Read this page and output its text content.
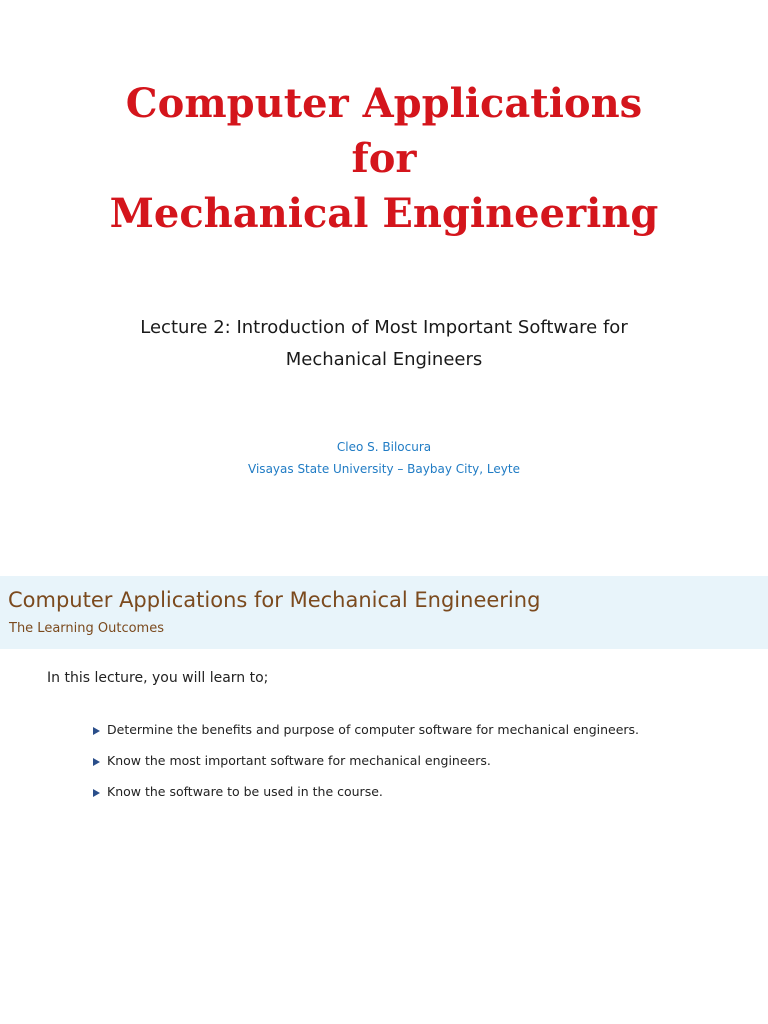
Computer Applications
for
Mechanical Engineering
Lecture 2: Introduction of Most Important Software for
Mechanical Engineers
Cleo S. Bilocura
Visayas State University – Baybay City, Leyte
Computer Applications for Mechanical Engineering
The Learning Outcomes
In this lecture, you will learn to;
Determine the benefits and purpose of computer software for mechanical engineers.
Know the most important software for mechanical engineers.
Know the software to be used in the course.
